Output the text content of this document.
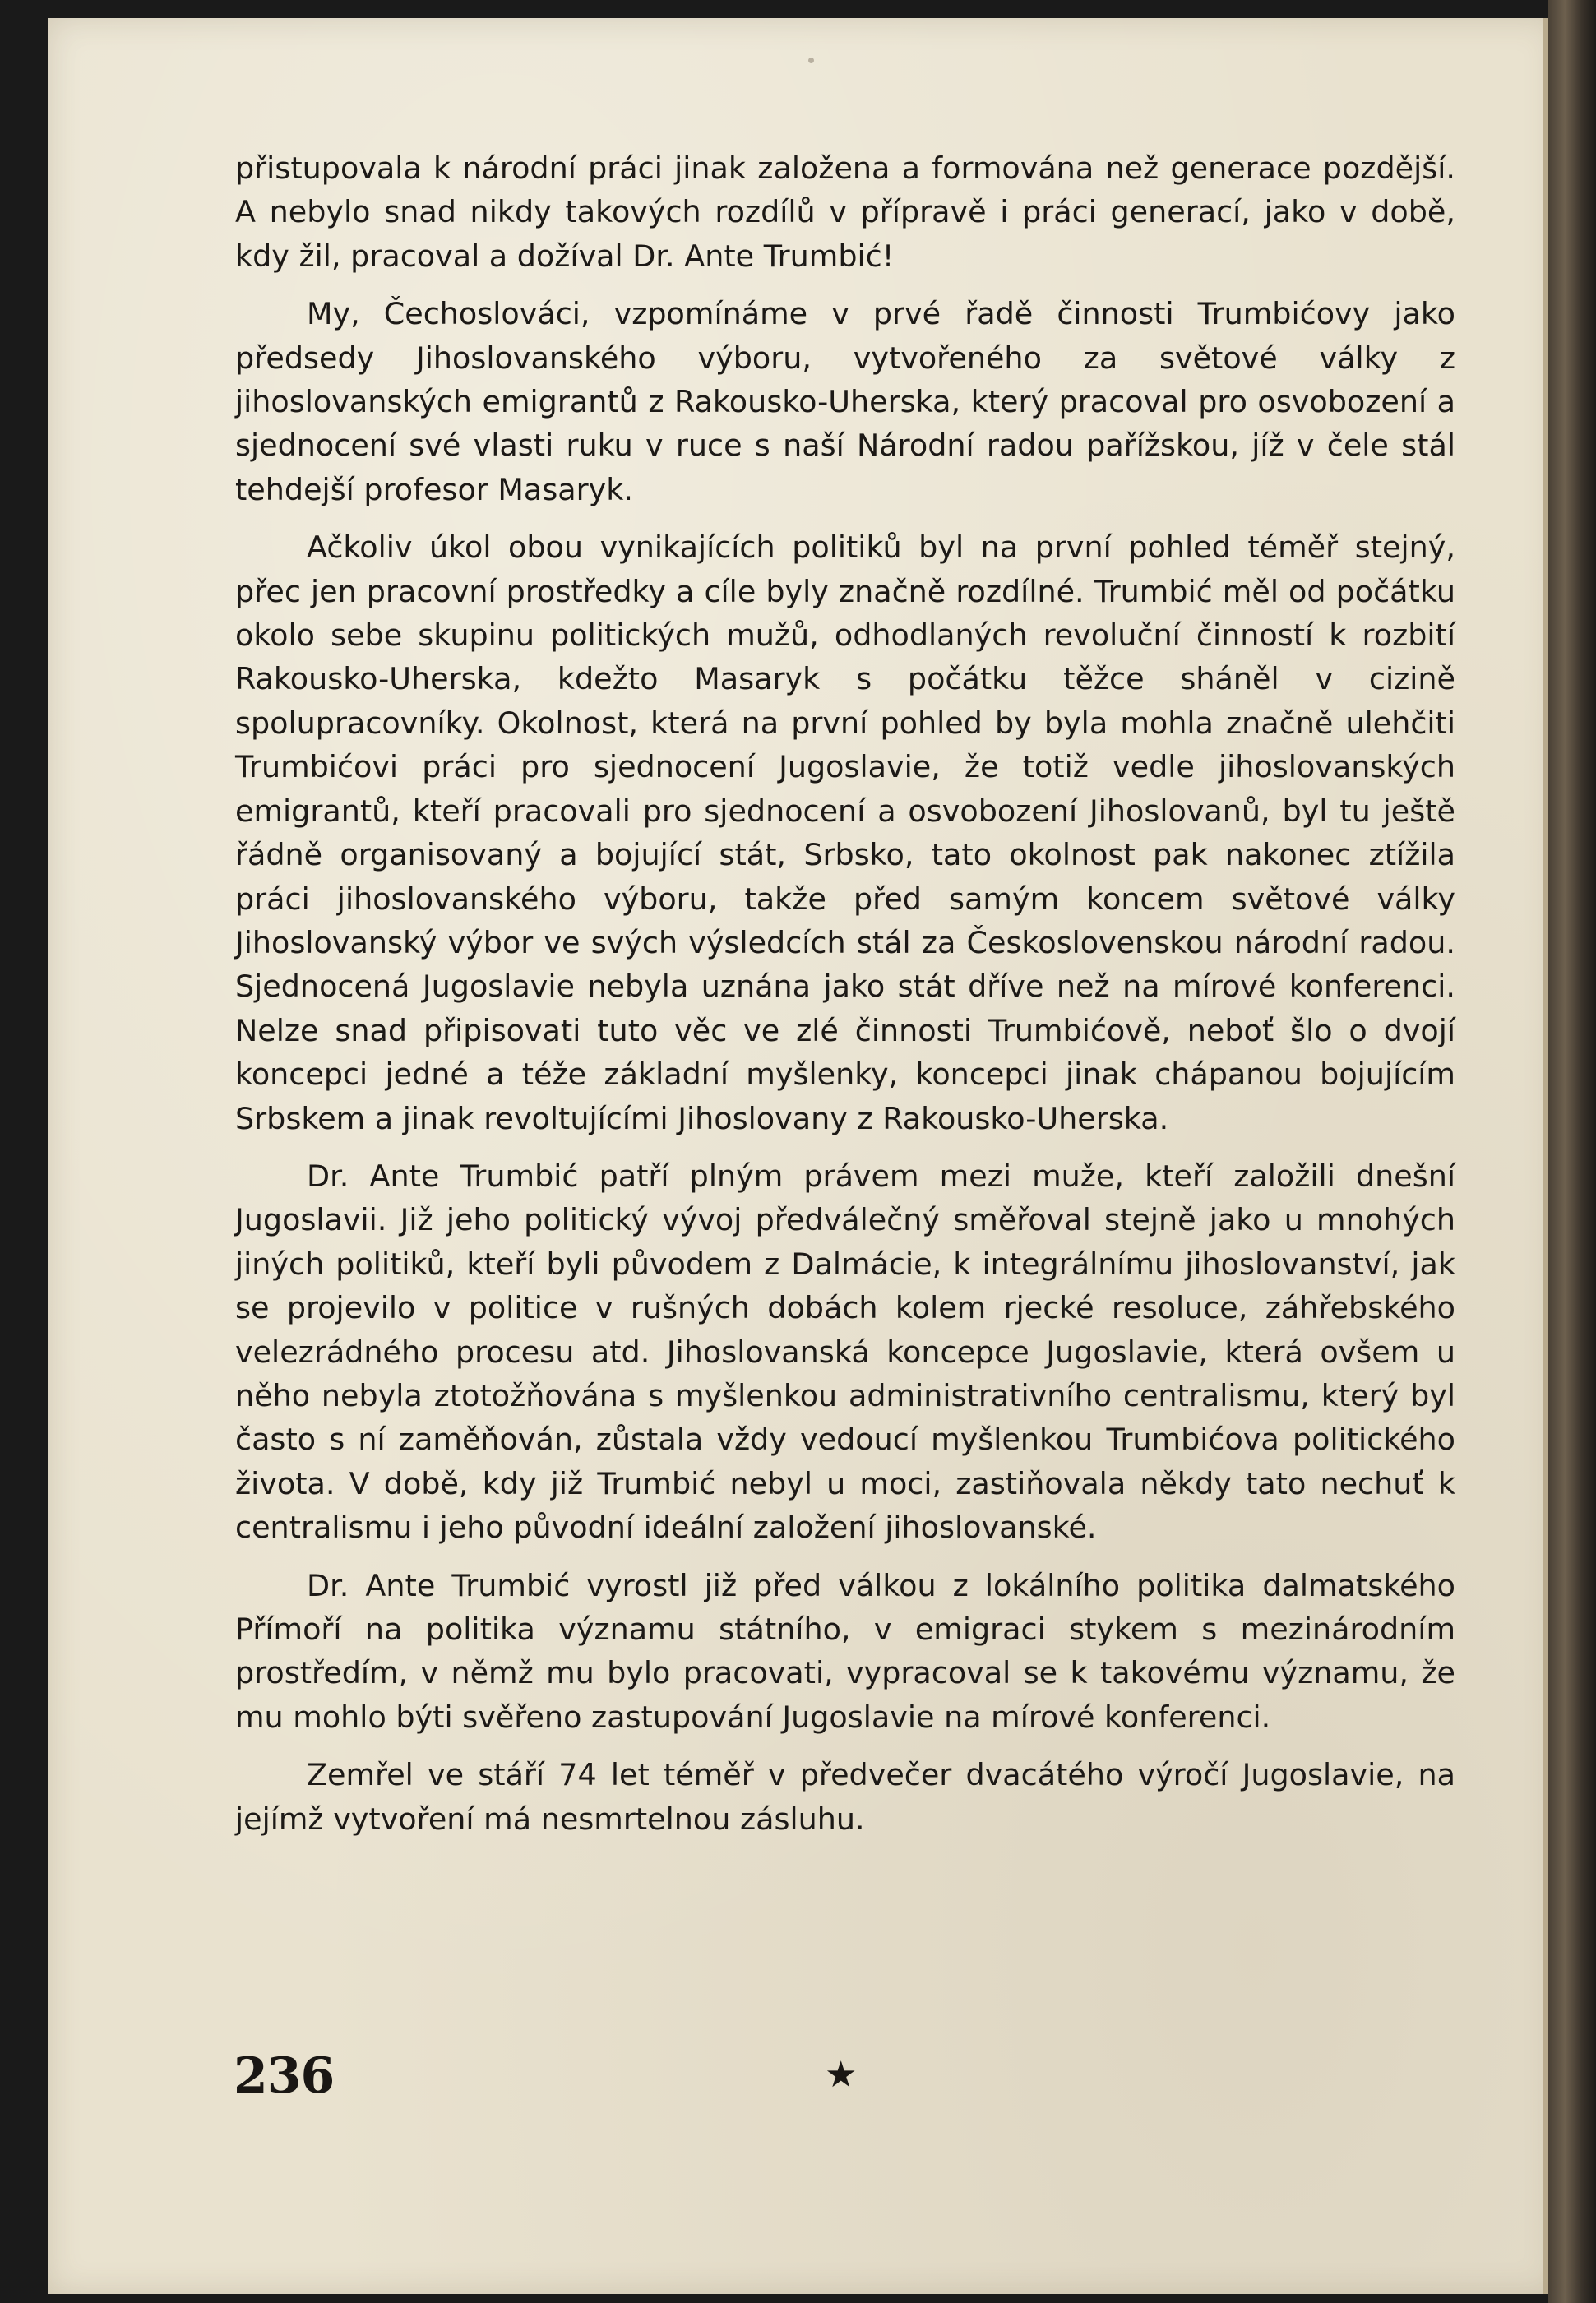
přistupovala k národní práci jinak založena a formována než generace pozdější. A nebylo snad nikdy takových rozdílů v přípravě i práci generací, jako v době, kdy žil, pracoval a dožíval Dr. Ante Trumbić!

My, Čechoslováci, vzpomínáme v prvé řadě činnosti Trumbićovy jako předsedy Jihoslovanského výboru, vytvořeného za světové války z jihoslovanských emigrantů z Rakousko-Uherska, který pracoval pro osvobození a sjednocení své vlasti ruku v ruce s naší Národní radou pařížskou, jíž v čele stál tehdejší profesor Masaryk.

Ačkoliv úkol obou vynikajících politiků byl na první pohled téměř stejný, přec jen pracovní prostředky a cíle byly značně rozdílné. Trumbić měl od počátku okolo sebe skupinu politických mužů, odhodlaných revoluční činností k rozbití Rakousko-Uherska, kdežto Masaryk s počátku těžce sháněl v cizině spolupracovníky. Okolnost, která na první pohled by byla mohla značně ulehčiti Trumbićovi práci pro sjednocení Jugoslavie, že totiž vedle jihoslovanských emigrantů, kteří pracovali pro sjednocení a osvobození Jihoslovanů, byl tu ještě řádně organisovaný a bojující stát, Srbsko, tato okolnost pak nakonec ztížila práci jihoslovanského výboru, takže před samým koncem světové války Jihoslovanský výbor ve svých výsledcích stál za Československou národní radou. Sjednocená Jugoslavie nebyla uznána jako stát dříve než na mírové konferenci. Nelze snad připisovati tuto věc ve zlé činnosti Trumbićově, neboť šlo o dvojí koncepci jedné a téže základní myšlenky, koncepci jinak chápanou bojujícím Srbskem a jinak revoltujícími Jihoslovany z Rakousko-Uherska.

Dr. Ante Trumbić patří plným právem mezi muže, kteří založili dnešní Jugoslavii. Již jeho politický vývoj předválečný směřoval stejně jako u mnohých jiných politiků, kteří byli původem z Dalmácie, k integrálnímu jihoslovanství, jak se projevilo v politice v rušných dobách kolem rjecké resoluce, záhřebského velezrádného procesu atd. Jihoslovanská koncepce Jugoslavie, která ovšem u něho nebyla ztotožňována s myšlenkou administrativního centralismu, který byl často s ní zaměňován, zůstala vždy vedoucí myšlenkou Trumbićova politického života. V době, kdy již Trumbić nebyl u moci, zastiňovala někdy tato nechuť k centralismu i jeho původní ideální založení jihoslovanské.

Dr. Ante Trumbić vyrostl již před válkou z lokálního politika dalmatského Přímoří na politika významu státního, v emigraci stykem s mezinárodním prostředím, v němž mu bylo pracovati, vypracoval se k takovému významu, že mu mohlo býti svěřeno zastupování Jugoslavie na mírové konferenci.

Zemřel ve stáří 74 let téměř v předvečer dvacátého výročí Jugoslavie, na jejímž vytvoření má nesmrtelnou zásluhu.

236	★
